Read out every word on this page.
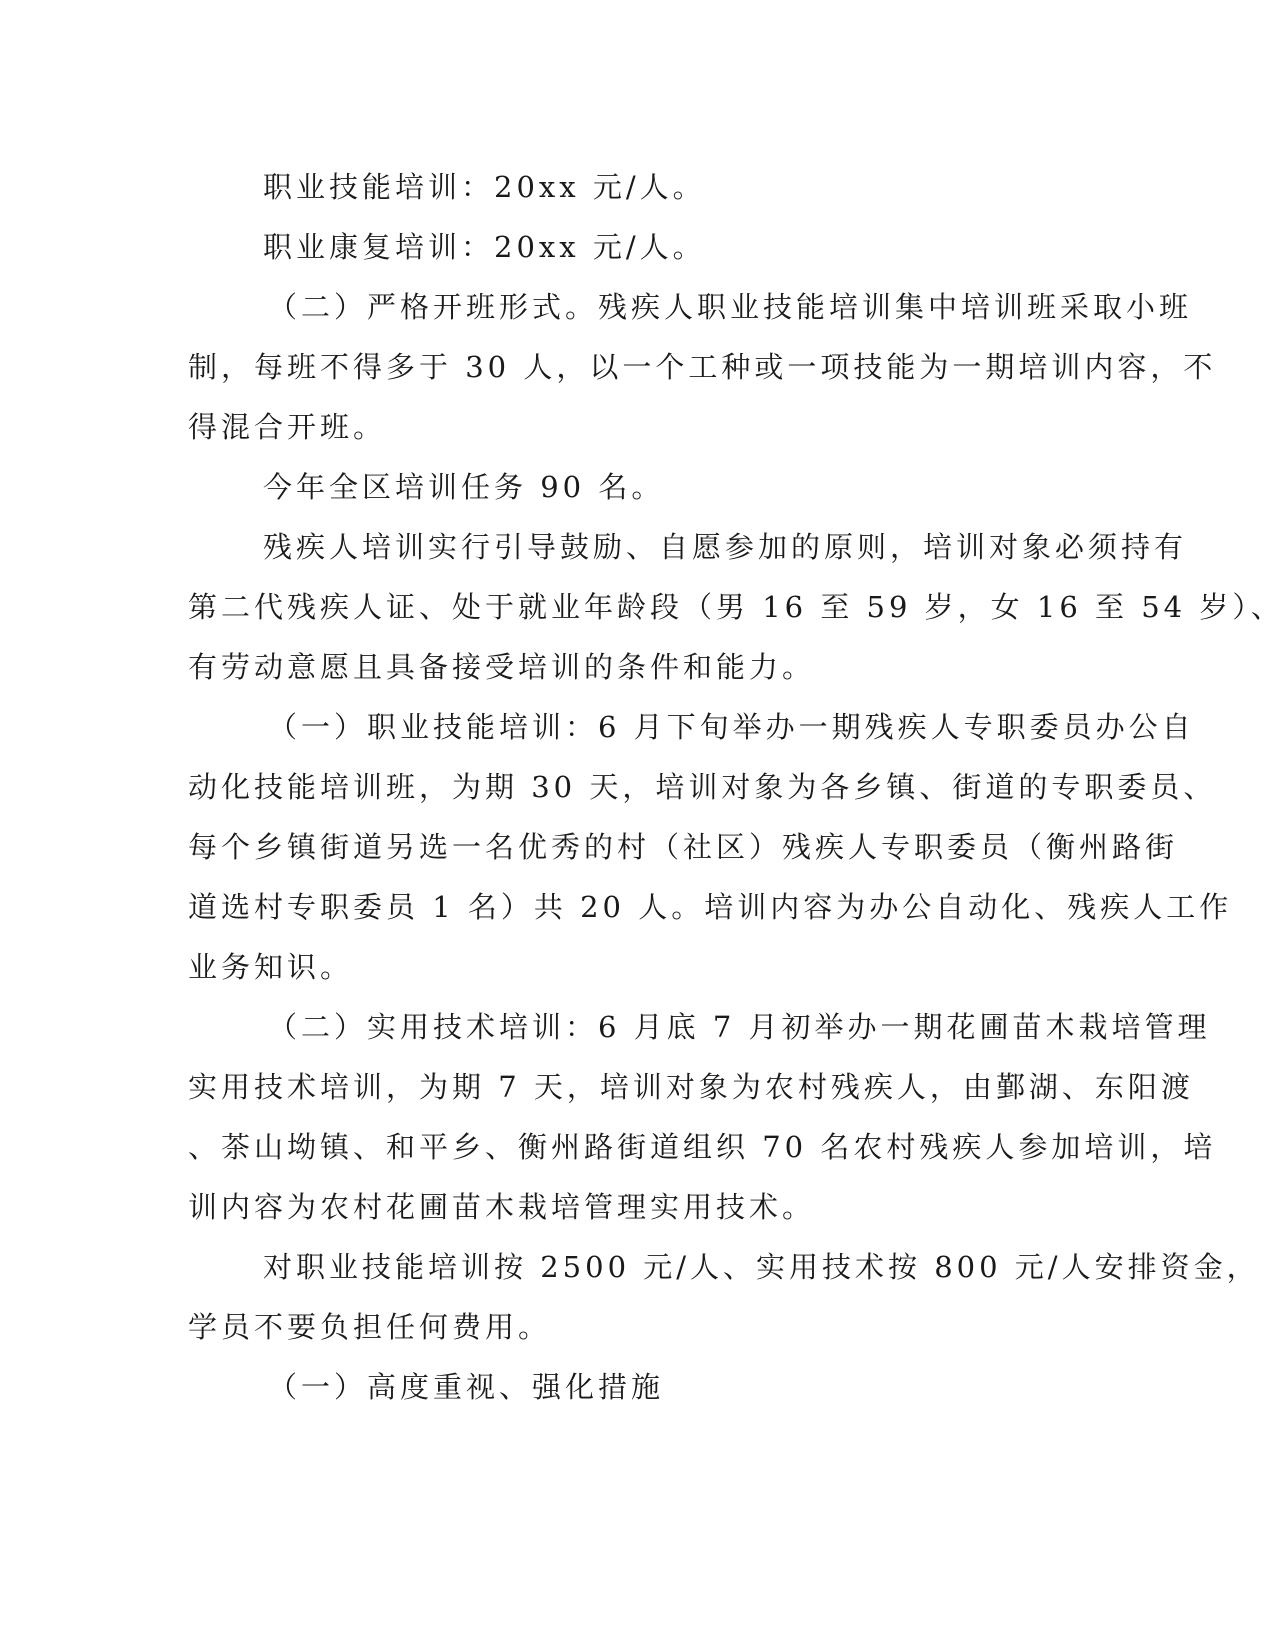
职业技能培训：20xx 元/人。

职业康复培训：20xx 元/人。

（二）严格开班形式。残疾人职业技能培训集中培训班采取小班
制，每班不得多于 30 人，以一个工种或一项技能为一期培训内容，不
得混合开班。

今年全区培训任务 90 名。

残疾人培训实行引导鼓励、自愿参加的原则，培训对象必须持有
第二代残疾人证、处于就业年龄段（男 16 至 59 岁，女 16 至 54 岁）、
有劳动意愿且具备接受培训的条件和能力。

（一）职业技能培训：6 月下旬举办一期残疾人专职委员办公自
动化技能培训班，为期 30 天，培训对象为各乡镇、街道的专职委员、
每个乡镇街道另选一名优秀的村（社区）残疾人专职委员（衡州路街
道选村专职委员 1 名）共 20 人。培训内容为办公自动化、残疾人工作
业务知识。

（二）实用技术培训：6 月底 7 月初举办一期花圃苗木栽培管理
实用技术培训，为期 7 天，培训对象为农村残疾人，由鄞湖、东阳渡
、茶山坳镇、和平乡、衡州路街道组织 70 名农村残疾人参加培训，培
训内容为农村花圃苗木栽培管理实用技术。

对职业技能培训按 2500 元/人、实用技术按 800 元/人安排资金，
学员不要负担任何费用。

（一）高度重视、强化措施
